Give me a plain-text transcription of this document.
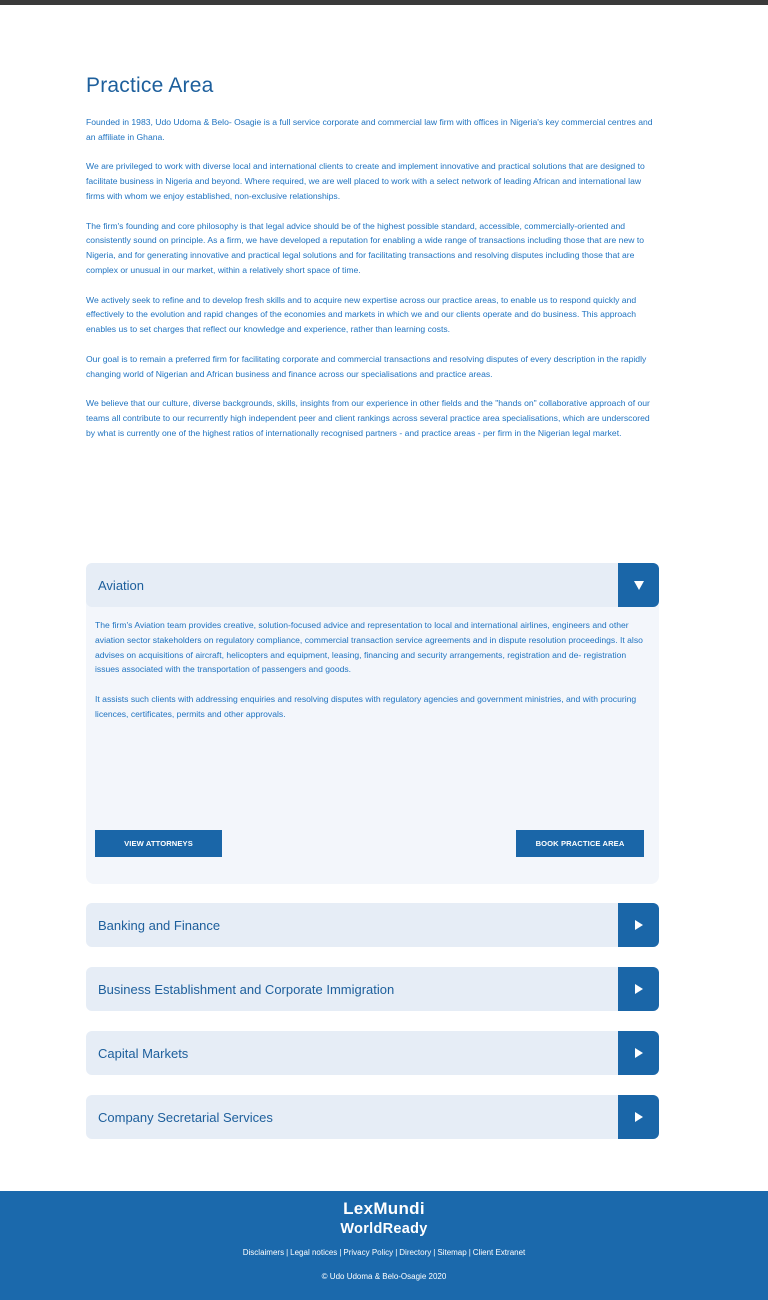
Practice Area

Founded in 1983, Udo Udoma & Belo- Osagie is a full service corporate and commercial law firm with offices in Nigeria's key commercial centres and an affiliate in Ghana.

We are privileged to work with diverse local and international clients to create and implement innovative and practical solutions that are designed to facilitate business in Nigeria and beyond. Where required, we are well placed to work with a select network of leading African and international law firms with whom we enjoy established, non-exclusive relationships.

The firm's founding and core philosophy is that legal advice should be of the highest possible standard, accessible, commercially-oriented and consistently sound on principle. As a firm, we have developed a reputation for enabling a wide range of transactions including those that are new to Nigeria, and for generating innovative and practical legal solutions and for facilitating transactions and resolving disputes including those that are complex or unusual in our market, within a relatively short space of time.

We actively seek to refine and to develop fresh skills and to acquire new expertise across our practice areas, to enable us to respond quickly and effectively to the evolution and rapid changes of the economies and markets in which we and our clients operate and do business. This approach enables us to set charges that reflect our knowledge and experience, rather than learning costs.

Our goal is to remain a preferred firm for facilitating corporate and commercial transactions and resolving disputes of every description in the rapidly changing world of Nigerian and African business and finance across our specialisations and practice areas.

We believe that our culture, diverse backgrounds, skills, insights from our experience in other fields and the "hands on" collaborative approach of our teams all contribute to our recurrently high independent peer and client rankings across several practice area specialisations, which are underscored by what is currently one of the highest ratios of internationally recognised partners - and practice areas - per firm in the Nigerian legal market.

Aviation

The firm's Aviation team provides creative, solution-focused advice and representation to local and international airlines, engineers and other aviation sector stakeholders on regulatory compliance, commercial transaction service agreements and in dispute resolution proceedings. It also advises on acquisitions of aircraft, helicopters and equipment, leasing, financing and security arrangements, registration and de- registration issues associated with the transportation of passengers and goods.

It assists such clients with addressing enquiries and resolving disputes with regulatory agencies and government ministries, and with procuring licences, certificates, permits and other approvals.

VIEW ATTORNEYS	BOOK PRACTICE AREA
Banking and Finance
Business Establishment and Corporate Immigration
Capital Markets
Company Secretarial Services
LexMundi
WorldReady
Disclaimers | Legal notices | Privacy Policy | Directory | Sitemap | Client Extranet
© Udo Udoma & Belo-Osagie 2020
